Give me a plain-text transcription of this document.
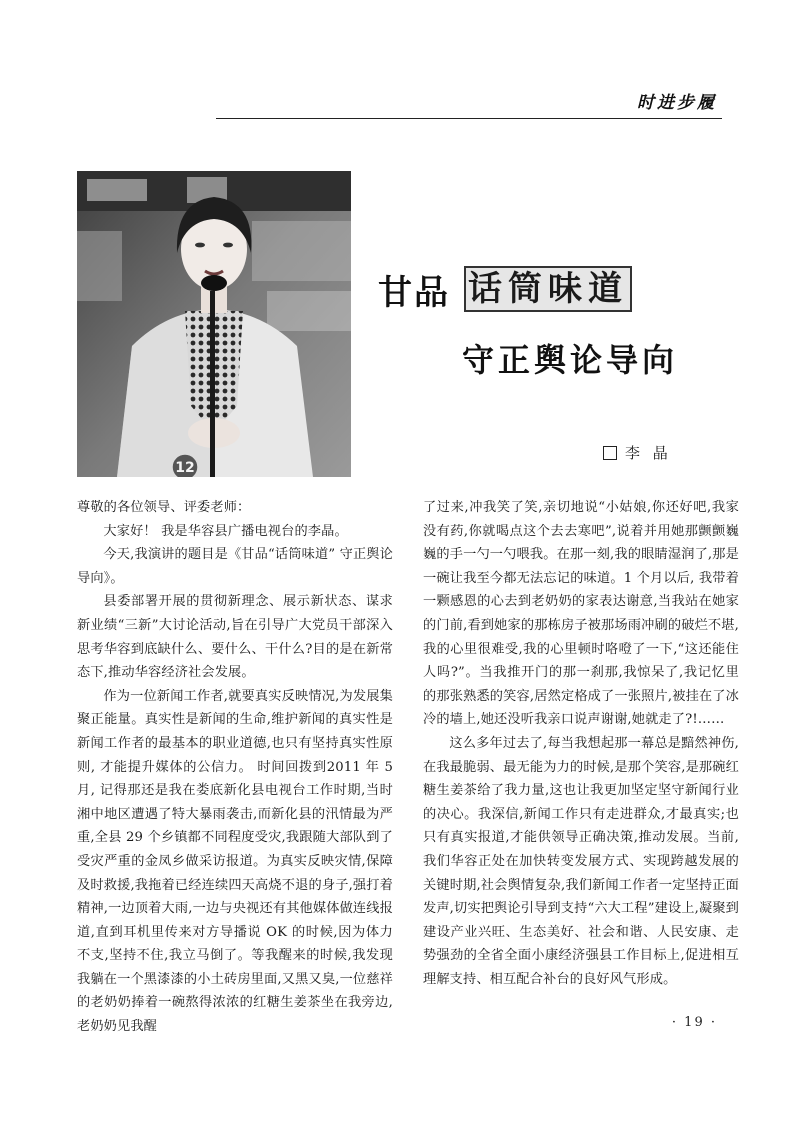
时进步履
12
甘品 话筒味道
守正舆论导向
李 晶

尊敬的各位领导、评委老师：

大家好！ 我是华容县广播电视台的李晶。

今天,我演讲的题目是《甘品“话筒味道” 守正舆论导向》。

县委部署开展的贯彻新理念、展示新状态、谋求新业绩“三新”大讨论活动,旨在引导广大党员干部深入思考华容到底缺什么、要什么、干什么?目的是在新常态下,推动华容经济社会发展。

作为一位新闻工作者,就要真实反映情况,为发展集聚正能量。真实性是新闻的生命,维护新闻的真实性是新闻工作者的最基本的职业道德,也只有坚持真实性原则, 才能提升媒体的公信力。 时间回拨到2011 年 5 月, 记得那还是我在娄底新化县电视台工作时期,当时湘中地区遭遇了特大暴雨袭击,而新化县的汛情最为严重,全县 29 个乡镇都不同程度受灾,我跟随大部队到了受灾严重的金凤乡做采访报道。为真实反映灾情,保障及时救援,我拖着已经连续四天高烧不退的身子,强打着精神,一边顶着大雨,一边与央视还有其他媒体做连线报道,直到耳机里传来对方导播说 OK 的时候,因为体力不支,坚持不住,我立马倒了。等我醒来的时候,我发现我躺在一个黑漆漆的小土砖房里面,又黑又臭,一位慈祥的老奶奶捧着一碗熬得浓浓的红糖生姜茶坐在我旁边,老奶奶见我醒

了过来,冲我笑了笑,亲切地说“小姑娘,你还好吧,我家没有药,你就喝点这个去去寒吧”,说着并用她那颤颤巍巍的手一勺一勺喂我。在那一刻,我的眼睛湿润了,那是一碗让我至今都无法忘记的味道。1 个月以后, 我带着一颗感恩的心去到老奶奶的家表达谢意,当我站在她家的门前,看到她家的那栋房子被那场雨冲刷的破烂不堪,我的心里很难受,我的心里顿时咯噔了一下,“这还能住人吗?”。当我推开门的那一刹那,我惊呆了,我记忆里的那张熟悉的笑容,居然定格成了一张照片,被挂在了冰冷的墙上,她还没听我亲口说声谢谢,她就走了?!……

这么多年过去了,每当我想起那一幕总是黯然神伤,在我最脆弱、最无能为力的时候,是那个笑容,是那碗红糖生姜茶给了我力量,这也让我更加坚定坚守新闻行业的决心。我深信,新闻工作只有走进群众,才最真实;也只有真实报道,才能供领导正确决策,推动发展。当前,我们华容正处在加快转变发展方式、实现跨越发展的关键时期,社会舆情复杂,我们新闻工作者一定坚持正面发声,切实把舆论引导到支持“六大工程”建设上,凝聚到建设产业兴旺、生态美好、社会和谐、人民安康、走势强劲的全省全面小康经济强县工作目标上,促进相互理解支持、相互配合补台的良好风气形成。

· 19 ·
